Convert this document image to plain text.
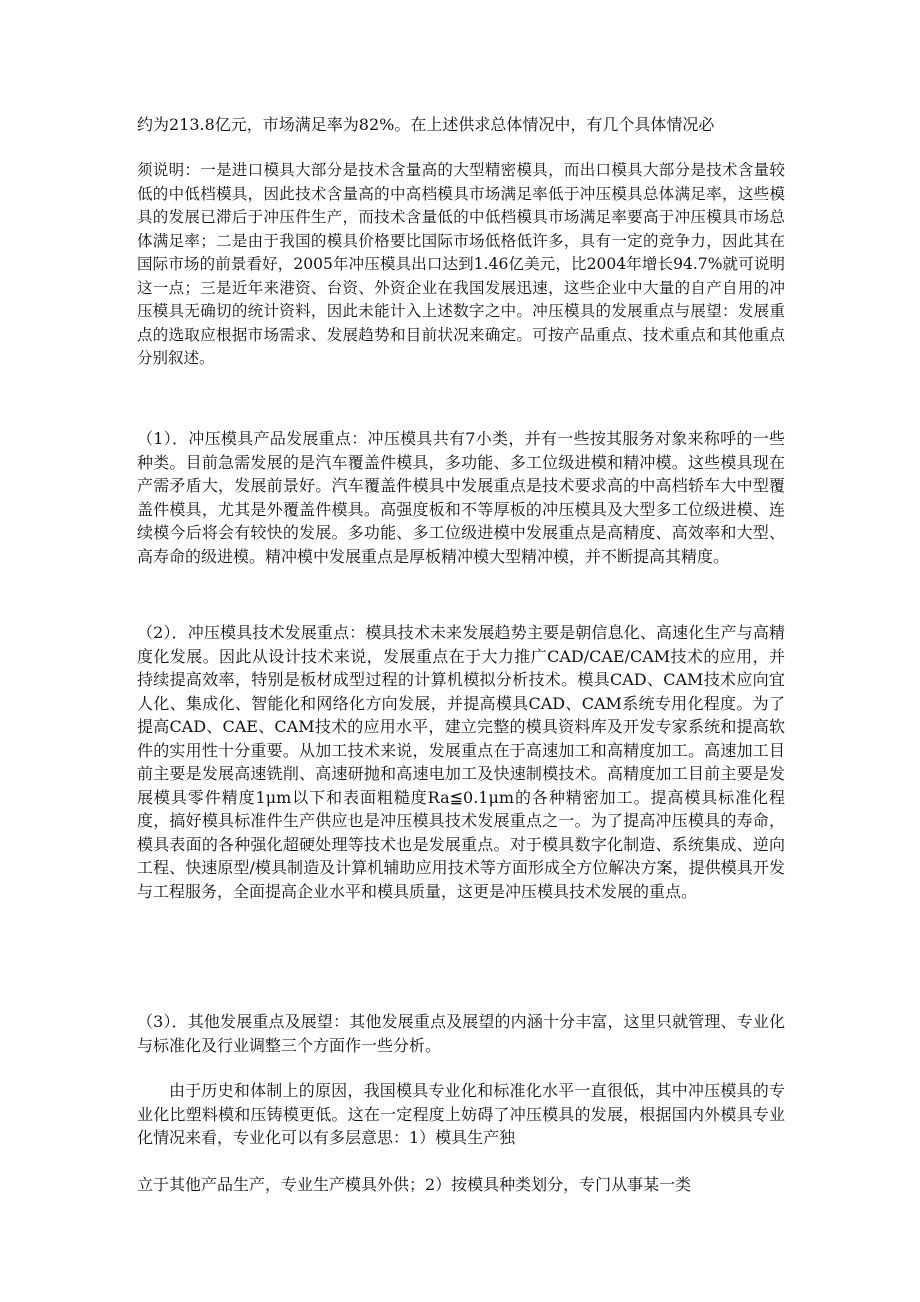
约为213.8亿元，市场满足率为82%。在上述供求总体情况中，有几个具体情况必

须说明：一是进口模具大部分是技术含量高的大型精密模具，而出口模具大部分是技术含量较低的中低档模具，因此技术含量高的中高档模具市场满足率低于冲压模具总体满足率，这些模具的发展已滞后于冲压件生产，而技术含量低的中低档模具市场满足率要高于冲压模具市场总体满足率；二是由于我国的模具价格要比国际市场低格低许多，具有一定的竞争力，因此其在国际市场的前景看好，2005年冲压模具出口达到1.46亿美元，比2004年增长94.7%就可说明这一点；三是近年来港资、台资、外资企业在我国发展迅速，这些企业中大量的自产自用的冲压模具无确切的统计资料，因此未能计入上述数字之中。冲压模具的发展重点与展望：发展重点的选取应根据市场需求、发展趋势和目前状况来确定。可按产品重点、技术重点和其他重点分别叙述。

（1）．冲压模具产品发展重点：冲压模具共有7小类，并有一些按其服务对象来称呼的一些种类。目前急需发展的是汽车覆盖件模具，多功能、多工位级进模和精冲模。这些模具现在产需矛盾大，发展前景好。汽车覆盖件模具中发展重点是技术要求高的中高档轿车大中型覆盖件模具，尤其是外覆盖件模具。高强度板和不等厚板的冲压模具及大型多工位级进模、连续模今后将会有较快的发展。多功能、多工位级进模中发展重点是高精度、高效率和大型、高寿命的级进模。精冲模中发展重点是厚板精冲模大型精冲模，并不断提高其精度。

（2）．冲压模具技术发展重点：模具技术未来发展趋势主要是朝信息化、高速化生产与高精度化发展。因此从设计技术来说，发展重点在于大力推广CAD/CAE/CAM技术的应用，并持续提高效率，特别是板材成型过程的计算机模拟分析技术。模具CAD、CAM技术应向宜人化、集成化、智能化和网络化方向发展，并提高模具CAD、CAM系统专用化程度。为了提高CAD、CAE、CAM技术的应用水平，建立完整的模具资料库及开发专家系统和提高软件的实用性十分重要。从加工技术来说，发展重点在于高速加工和高精度加工。高速加工目前主要是发展高速铣削、高速研抛和高速电加工及快速制模技术。高精度加工目前主要是发展模具零件精度1μm以下和表面粗糙度Ra≦0.1μm的各种精密加工。提高模具标准化程度，搞好模具标准件生产供应也是冲压模具技术发展重点之一。为了提高冲压模具的寿命，模具表面的各种强化超硬处理等技术也是发展重点。对于模具数字化制造、系统集成、逆向工程、快速原型/模具制造及计算机辅助应用技术等方面形成全方位解决方案，提供模具开发与工程服务，全面提高企业水平和模具质量，这更是冲压模具技术发展的重点。

（3）．其他发展重点及展望：其他发展重点及展望的内涵十分丰富，这里只就管理、专业化与标准化及行业调整三个方面作一些分析。

由于历史和体制上的原因，我国模具专业化和标准化水平一直很低，其中冲压模具的专业化比塑料模和压铸模更低。这在一定程度上妨碍了冲压模具的发展，根据国内外模具专业化情况来看，专业化可以有多层意思：1）模具生产独

立于其他产品生产，专业生产模具外供；2）按模具种类划分，专门从事某一类
